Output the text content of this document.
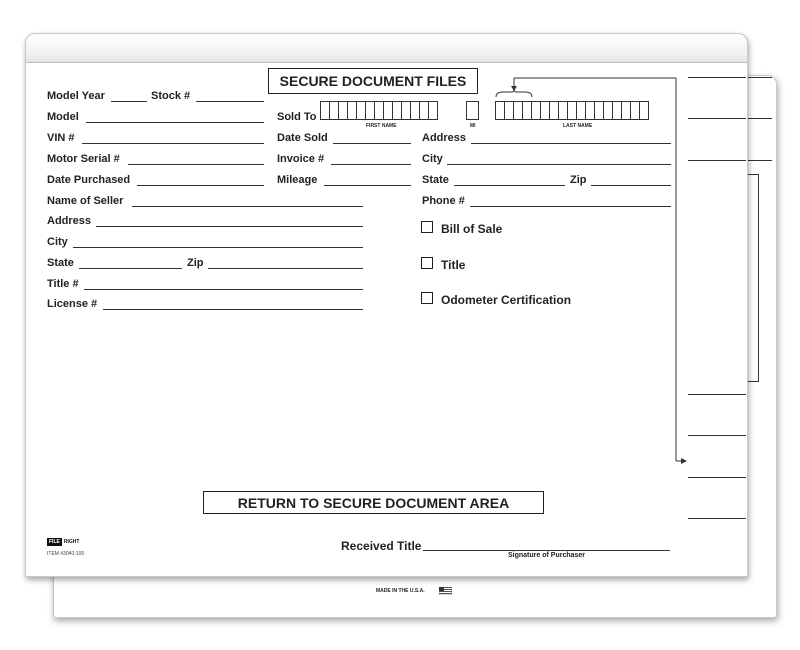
SECURE DOCUMENT FILES
Model Year	Stock #
Model
VIN #
Motor Serial #
Date Purchased
Name of Seller
Address
City
State	Zip
Title #
License #
Sold To
FIRST NAME	MI	LAST NAME
Date Sold
Invoice #
Mileage
Address
City
State	Zip
Phone #
Bill of Sale
Title
Odometer Certification
RETURN TO SECURE DOCUMENT AREA
Received Title
Signature of Purchaser
FILE RIGHT
ITEM #3040-100
MADE IN THE U.S.A.
